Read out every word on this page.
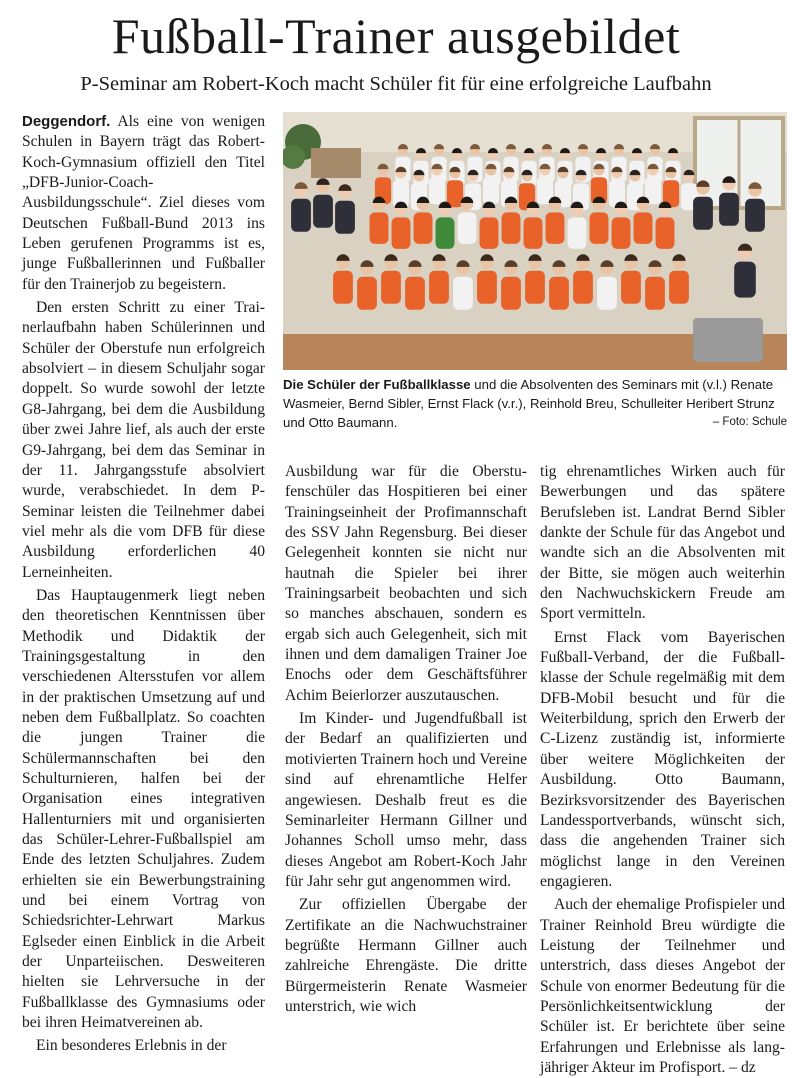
Fußball-Trainer ausgebildet
P-Seminar am Robert-Koch macht Schüler fit für eine erfolgreiche Laufbahn

Deggendorf. Als eine von wenigen Schulen in Bayern trägt das Robert-Koch-Gymnasium offiziell den Titel „DFB-Junior-Coach-Ausbildungsschule“. Ziel dieses vom Deutschen Fußball-Bund 2013 ins Leben gerufenen Programms ist es, junge Fußballerinnen und Fußballer für den Trainerjob zu begeistern.

Den ersten Schritt zu einer Trainerlaufbahn haben Schülerinnen und Schüler der Oberstufe nun erfolgreich absolviert – in diesem Schuljahr sogar doppelt. So wurde sowohl der letzte G8-Jahrgang, bei dem die Ausbildung über zwei Jahre lief, als auch der erste G9-Jahrgang, bei dem das Seminar in der 11. Jahrgangsstufe absolviert wurde, verabschiedet. In dem P-Seminar leisten die Teilnehmer dabei viel mehr als die vom DFB für diese Ausbildung erforderlichen 40 Lerneinheiten.

Das Hauptaugenmerk liegt neben den theoretischen Kenntnissen über Methodik und Didaktik der Trainingsgestaltung in den verschiedenen Altersstufen vor allem in der praktischen Umsetzung auf und neben dem Fußballplatz. So coachten die jungen Trainer die Schülermannschaften bei den Schulturnieren, halfen bei der Organisation eines integrativen Hallenturniers mit und organisierten das Schüler-Lehrer-Fußballspiel am Ende des letzten Schuljahres. Zudem erhielten sie ein Bewerbungstraining und bei einem Vortrag von Schiedsrichter-Lehrwart Markus Eglseder einen Einblick in die Arbeit der Unparteiischen. Desweiteren hielten sie Lehrversuche in der Fußballklasse des Gymnasiums oder bei ihren Heimatvereinen ab.

Ein besonderes Erlebnis in der

Die Schüler der Fußballklasse und die Absolventen des Seminars mit (v.l.) Renate Wasmeier, Bernd Sibler, Ernst Flack (v.r.), Reinhold Breu, Schulleiter Heribert Strunz und Otto Baumann.	– Foto: Schule

Ausbildung war für die Oberstufenschüler das Hospitieren bei einer Trainingseinheit der Profimannschaft des SSV Jahn Regensburg. Bei dieser Gelegenheit konnten sie nicht nur hautnah die Spieler bei ihrer Trainingsarbeit beobachten und sich so manches abschauen, sondern es ergab sich auch Gelegenheit, sich mit ihnen und dem damaligen Trainer Joe Enochs oder dem Geschäftsführer Achim Beierlorzer auszutauschen.

Im Kinder- und Jugendfußball ist der Bedarf an qualifizierten und motivierten Trainern hoch und Vereine sind auf ehrenamtliche Helfer angewiesen. Deshalb freut es die Seminarleiter Hermann Gillner und Johannes Scholl umso mehr, dass dieses Angebot am Robert-Koch Jahr für Jahr sehr gut angenommen wird.

Zur offiziellen Übergabe der Zertifikate an die Nachwuchstrainer begrüßte Hermann Gillner auch zahlreiche Ehrengäste. Die dritte Bürgermeisterin Renate Wasmeier unterstrich, wie wich

tig ehrenamtliches Wirken auch für Bewerbungen und das spätere Berufsleben ist. Landrat Bernd Sibler dankte der Schule für das Angebot und wandte sich an die Absolventen mit der Bitte, sie mögen auch weiterhin den Nachwuchskickern Freude am Sport vermitteln.

Ernst Flack vom Bayerischen Fußball-Verband, der die Fußballklasse der Schule regelmäßig mit dem DFB-Mobil besucht und für die Weiterbildung, sprich den Erwerb der C-Lizenz zuständig ist, informierte über weitere Möglichkeiten der Ausbildung. Otto Baumann, Bezirksvorsitzender des Bayerischen Landessportverbands, wünscht sich, dass die angehenden Trainer sich möglichst lange in den Vereinen engagieren.

Auch der ehemalige Profispieler und Trainer Reinhold Breu würdigte die Leistung der Teilnehmer und unterstrich, dass dieses Angebot der Schule von enormer Bedeutung für die Persönlichkeitsentwicklung der Schüler ist. Er berichtete über seine Erfahrungen und Erlebnisse als langjähriger Akteur im Profisport. – dz
